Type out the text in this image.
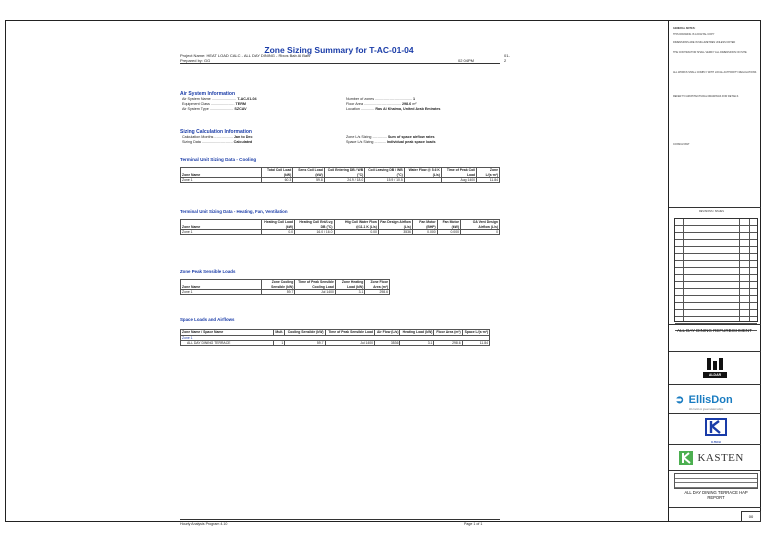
Zone Sizing Summary for T-AC-01-04
01-2
Project Name: HEAT LOAD CALC - ALL DAY DINING - Rixos Bab Al Bahr
Prepared by: GG	02 04PM
Air System Information
Air System Name ........................ T-AC-01-04
Equipment Class ....................... TERM
Air System Type ....................... SZCAV
Number of zones .................................... 1
Floor Area .................................... 298.6 m²
Location ............. Ras Al Khaima, United Arab Emirates
Sizing Calculation Information
Calculation Months .................. Jan to Dec
Sizing Data .............................. Calculated
Zone L/s Sizing .............. Sum of space airflow rates
Space L/s Sizing ........... Individual peak space loads
Terminal Unit Sizing Data - Cooling
Zone Name	Total Coil Load (kW)	Sens Coil Load (kW)	Coil Entering DB / WB (°C)	Coil Leaving DB / WB (°C)	Water Flow @ 5.6 K (L/s)	Time of Peak Coil Load	Zone L/(s·m²)
Zone 1	60.3	59.8	24.9 / 18.0	15.9 / 10.5		Aug 1400	11.84
Terminal Unit Sizing Data - Heating, Fan, Ventilation
Zone Name	Heating Coil Load (kW)	Heating Coil Ent/Lvg DB (°C)	Htg Coil Water Flow @11.1 K (L/s)	Fan Design Airflow (L/s)	Fan Motor (BHP)	Fan Motor (kW)	OA Vent Design Airflow (L/s)
Zone 1	0.0	16.0 / 16.0	0.00	3536	0.000	0.000	0
Zone Peak Sensible Loads
Zone Name	Zone Cooling Sensible (kW)	Time of Peak Sensible Cooling Load	Zone Heating Load (kW)	Zone Floor Area (m²)
Zone 1	59.7	Jul 1400	3.1	298.6
Space Loads and Airflows
Zone Name / Space Name	Mult.	Cooling Sensible (kW)	Time of Peak Sensible Load	Air Flow (L/s)	Heating Load (kW)	Floor Area (m²)	Space L/(s·m²)
Zone 1							
ALL DAY DINING TERRACE	1	59.7	Jul 1400	3536	3.1	298.6	11.84
Hourly Analysis Program 4.10	Page 1 of 1
GENERAL NOTES:
THIS DRAWING IS A DIGITAL COPY
DIMENSIONS ARE IN MILLIMETRES UNLESS NOTED
THE CONTRACTOR SHALL VERIFY ALL DIMENSIONS ON SITE
ALL WORKS SHALL COMPLY WITH LOCAL AUTHORITY REGULATIONS
REFER TO ARCHITECTURAL DRAWINGS FOR DETAILS
CONSULTANT
REVISIONS / ISSUES
ALL DAY DINING REFURBISHMENT
ALDAR
➲ EllisDon
We build on great relationships
K-TECH
KASTEN
ALL DAY DINING TERRACE HAP REPORT
00
